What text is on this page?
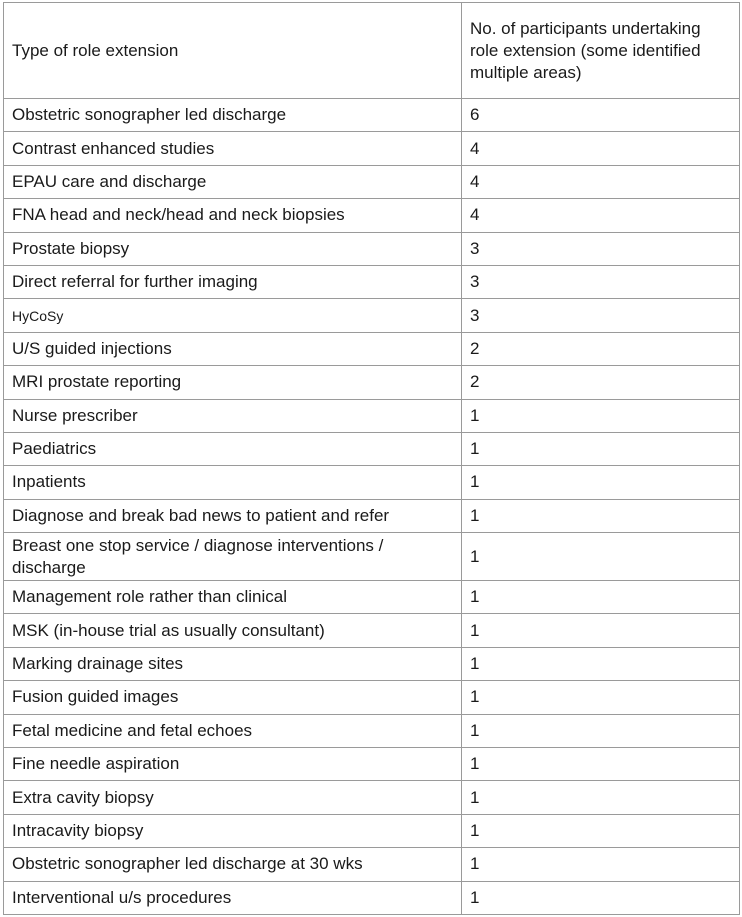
Type of role extension	No. of participants undertaking role extension (some identified multiple areas)
Obstetric sonographer led discharge	6
Contrast enhanced studies	4
EPAU care and discharge	4
FNA head and neck/head and neck biopsies	4
Prostate biopsy	3
Direct referral for further imaging	3
HyCoSy	3
U/S guided injections	2
MRI prostate reporting	2
Nurse prescriber	1
Paediatrics	1
Inpatients	1
Diagnose and break bad news to patient and refer	1
Breast one stop service / diagnose interventions / discharge	1
Management role rather than clinical	1
MSK (in-house trial as usually consultant)	1
Marking drainage sites	1
Fusion guided images	1
Fetal medicine and fetal echoes	1
Fine needle aspiration	1
Extra cavity biopsy	1
Intracavity biopsy	1
Obstetric sonographer led discharge at 30 wks	1
Interventional u/s procedures	1
